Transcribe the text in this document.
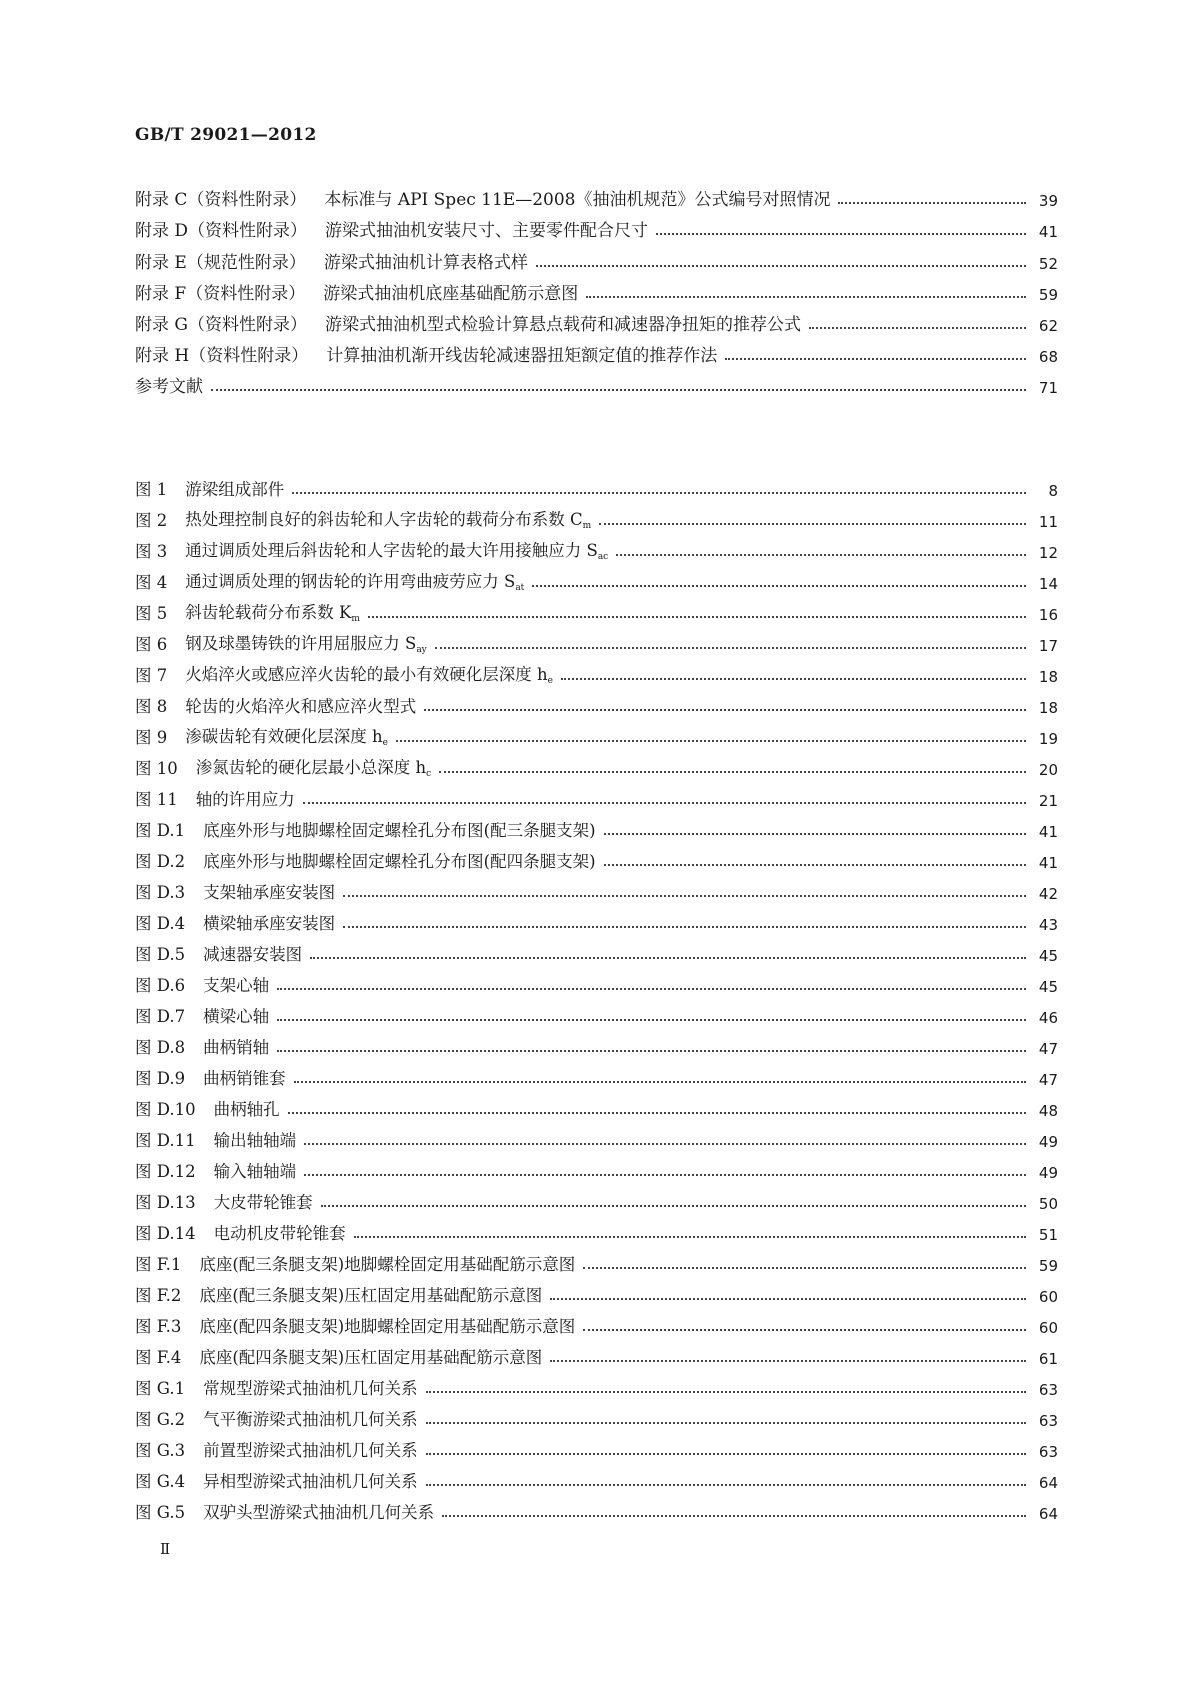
GB/T 29021—2012
附录 C（资料性附录） 本标准与 API Spec 11E—2008《抽油机规范》公式编号对照情况	39
附录 D（资料性附录） 游梁式抽油机安装尺寸、主要零件配合尺寸	41
附录 E（规范性附录） 游梁式抽油机计算表格式样	52
附录 F（资料性附录） 游梁式抽油机底座基础配筋示意图	59
附录 G（资料性附录） 游梁式抽油机型式检验计算悬点载荷和减速器净扭矩的推荐公式	62
附录 H（资料性附录） 计算抽油机渐开线齿轮减速器扭矩额定值的推荐作法	68
参考文献	71
图 1 游梁组成部件	8
图 2 热处理控制良好的斜齿轮和人字齿轮的载荷分布系数 Cm	11
图 3 通过调质处理后斜齿轮和人字齿轮的最大许用接触应力 Sac	12
图 4 通过调质处理的钢齿轮的许用弯曲疲劳应力 Sat	14
图 5 斜齿轮载荷分布系数 Km	16
图 6 钢及球墨铸铁的许用屈服应力 Say	17
图 7 火焰淬火或感应淬火齿轮的最小有效硬化层深度 he	18
图 8 轮齿的火焰淬火和感应淬火型式	18
图 9 渗碳齿轮有效硬化层深度 he	19
图 10 渗氮齿轮的硬化层最小总深度 hc	20
图 11 轴的许用应力	21
图 D.1 底座外形与地脚螺栓固定螺栓孔分布图(配三条腿支架)	41
图 D.2 底座外形与地脚螺栓固定螺栓孔分布图(配四条腿支架)	41
图 D.3 支架轴承座安装图	42
图 D.4 横梁轴承座安装图	43
图 D.5 减速器安装图	45
图 D.6 支架心轴	45
图 D.7 横梁心轴	46
图 D.8 曲柄销轴	47
图 D.9 曲柄销锥套	47
图 D.10 曲柄轴孔	48
图 D.11 输出轴轴端	49
图 D.12 输入轴轴端	49
图 D.13 大皮带轮锥套	50
图 D.14 电动机皮带轮锥套	51
图 F.1 底座(配三条腿支架)地脚螺栓固定用基础配筋示意图	59
图 F.2 底座(配三条腿支架)压杠固定用基础配筋示意图	60
图 F.3 底座(配四条腿支架)地脚螺栓固定用基础配筋示意图	60
图 F.4 底座(配四条腿支架)压杠固定用基础配筋示意图	61
图 G.1 常规型游梁式抽油机几何关系	63
图 G.2 气平衡游梁式抽油机几何关系	63
图 G.3 前置型游梁式抽油机几何关系	63
图 G.4 异相型游梁式抽油机几何关系	64
图 G.5 双驴头型游梁式抽油机几何关系	64
Ⅱ
